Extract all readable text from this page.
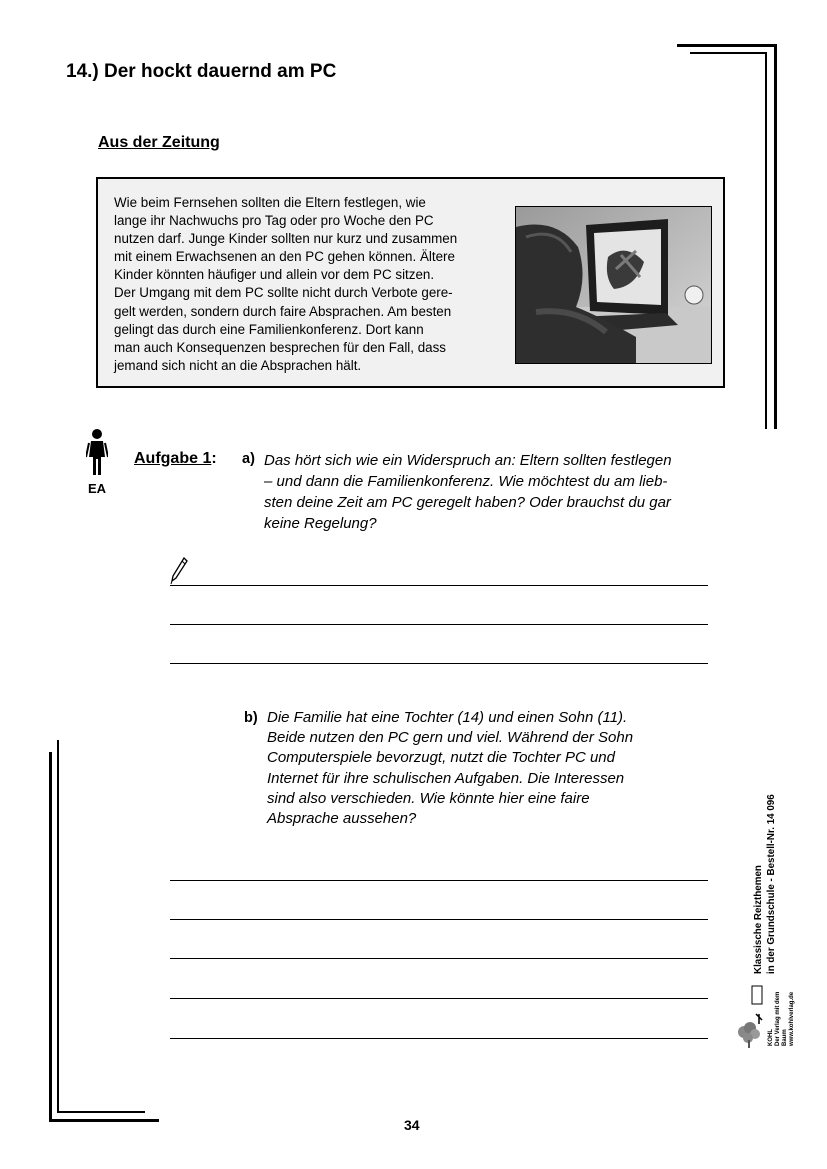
14.) Der hockt dauernd am PC
Aus der Zeitung
Wie beim Fernsehen sollten die Eltern festlegen, wie
lange ihr Nachwuchs pro Tag oder pro Woche den PC
nutzen darf. Junge Kinder sollten nur kurz und zusammen
mit einem Erwachsenen an den PC gehen können. Ältere
Kinder könnten häufiger und allein vor dem PC sitzen.
Der Umgang mit dem PC sollte nicht durch Verbote gere-
gelt werden, sondern durch faire Absprachen. Am besten
gelingt das durch eine Familienkonferenz. Dort kann
man auch Konsequenzen besprechen für den Fall, dass
jemand sich nicht an die Absprachen hält.
EA
Aufgabe 1: a) Das hört sich wie ein Widerspruch an: Eltern sollten festlegen
– und dann die Familienkonferenz. Wie möchtest du am lieb-
sten deine Zeit am PC geregelt haben? Oder brauchst du gar
keine Regelung?
b) Die Familie hat eine Tochter (14) und einen Sohn (11).
Beide nutzen den PC gern und viel. Während der Sohn
Computerspiele bevorzugt, nutzt die Tochter PC und
Internet für ihre schulischen Aufgaben. Die Interessen
sind also verschieden. Wie könnte hier eine faire
Absprache aussehen?
Klassische Reizthemen in der Grundschule - Bestell-Nr. 14 096
KOHL Der Verlag mit dem Baum www.kohlverlag.de
34
